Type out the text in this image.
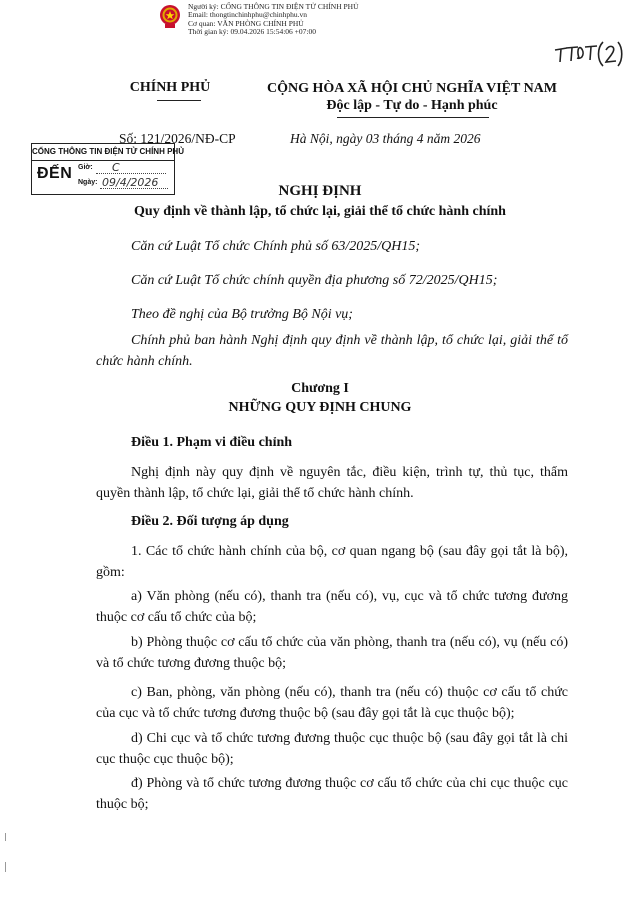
Người ký: CỔNG THÔNG TIN ĐIỆN TỬ CHÍNH PHỦ
Email: thongtinchinhphu@chinhphu.vn
Cơ quan: VĂN PHÒNG CHÍNH PHỦ
Thời gian ký: 09.04.2026 15:54:06 +07:00
CHÍNH PHỦ	CỘNG HÒA XÃ HỘI CHỦ NGHĨA VIỆT NAM
Độc lập - Tự do - Hạnh phúc
Số: 121/2026/NĐ-CP	Hà Nội, ngày 03 tháng 4 năm 2026
CỔNG THÔNG TIN ĐIỆN TỬ CHÍNH PHỦ
ĐẾN Giờ: C
Ngày: 09/4/2026
NGHỊ ĐỊNH
Quy định về thành lập, tổ chức lại, giải thể tổ chức hành chính
Căn cứ Luật Tổ chức Chính phủ số 63/2025/QH15;
Căn cứ Luật Tổ chức chính quyền địa phương số 72/2025/QH15;
Theo đề nghị của Bộ trưởng Bộ Nội vụ;
Chính phủ ban hành Nghị định quy định về thành lập, tổ chức lại, giải thể tổ chức hành chính.
Chương I
NHỮNG QUY ĐỊNH CHUNG
Điều 1. Phạm vi điều chỉnh
Nghị định này quy định về nguyên tắc, điều kiện, trình tự, thủ tục, thẩm quyền thành lập, tổ chức lại, giải thể tổ chức hành chính.
Điều 2. Đối tượng áp dụng
1. Các tổ chức hành chính của bộ, cơ quan ngang bộ (sau đây gọi tắt là bộ), gồm:
a) Văn phòng (nếu có), thanh tra (nếu có), vụ, cục và tổ chức tương đương thuộc cơ cấu tổ chức của bộ;
b) Phòng thuộc cơ cấu tổ chức của văn phòng, thanh tra (nếu có), vụ (nếu có) và tổ chức tương đương thuộc bộ;
c) Ban, phòng, văn phòng (nếu có), thanh tra (nếu có) thuộc cơ cấu tổ chức của cục và tổ chức tương đương thuộc bộ (sau đây gọi tắt là cục thuộc bộ);
d) Chi cục và tổ chức tương đương thuộc cục thuộc bộ (sau đây gọi tắt là chi cục thuộc cục thuộc bộ);
đ) Phòng và tổ chức tương đương thuộc cơ cấu tổ chức của chi cục thuộc cục thuộc bộ;
